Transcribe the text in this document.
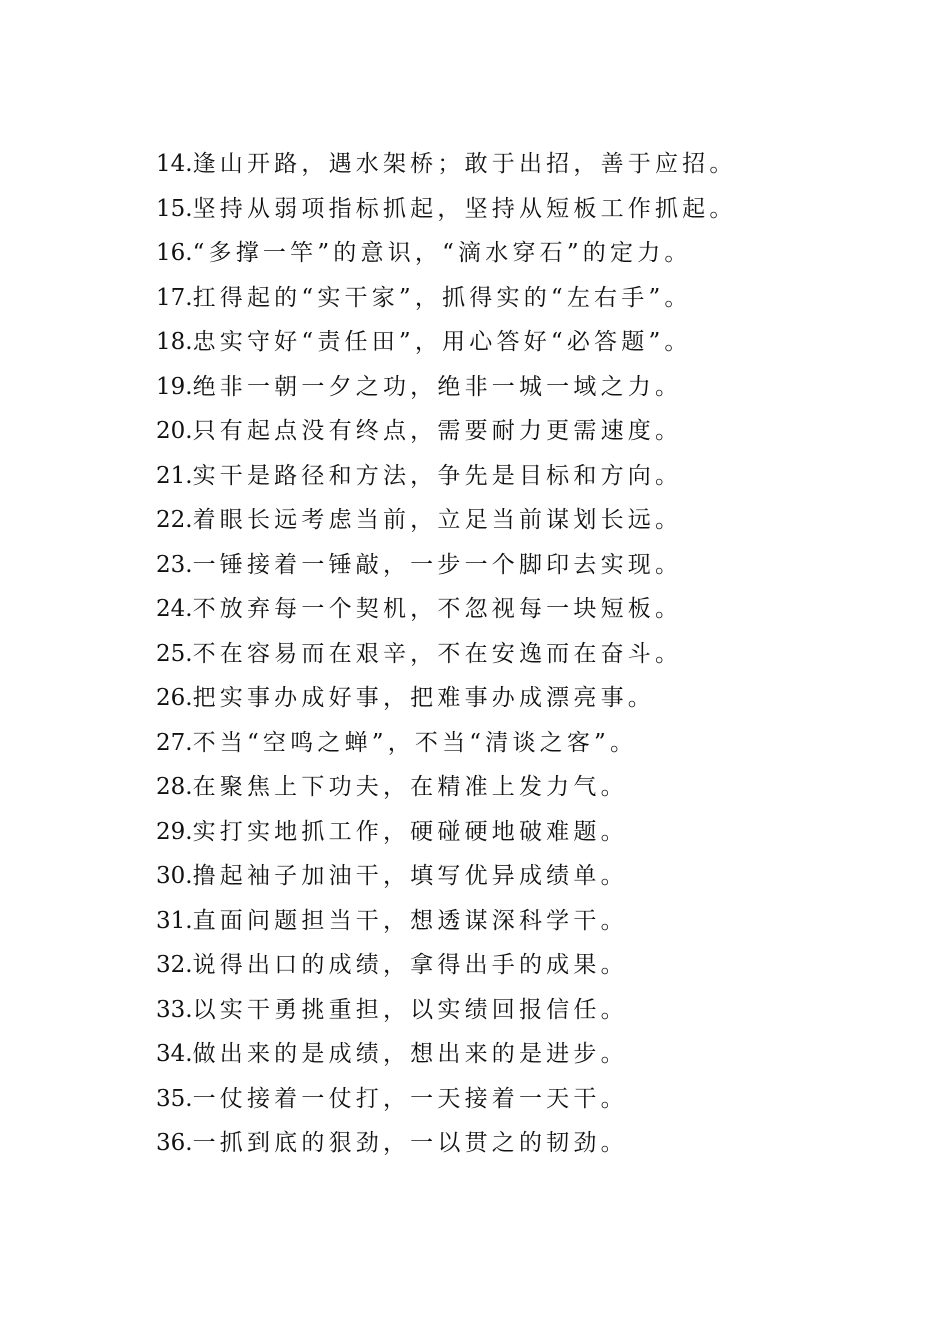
14.逢山开路，遇水架桥；敢于出招，善于应招。
15.坚持从弱项指标抓起，坚持从短板工作抓起。
16.“多撑一竿”的意识，“滴水穿石”的定力。
17.扛得起的“实干家”，抓得实的“左右手”。
18.忠实守好“责任田”，用心答好“必答题”。
19.绝非一朝一夕之功，绝非一城一域之力。
20.只有起点没有终点，需要耐力更需速度。
21.实干是路径和方法，争先是目标和方向。
22.着眼长远考虑当前，立足当前谋划长远。
23.一锤接着一锤敲，一步一个脚印去实现。
24.不放弃每一个契机，不忽视每一块短板。
25.不在容易而在艰辛，不在安逸而在奋斗。
26.把实事办成好事，把难事办成漂亮事。
27.不当“空鸣之蝉”，不当“清谈之客”。
28.在聚焦上下功夫，在精准上发力气。
29.实打实地抓工作，硬碰硬地破难题。
30.撸起袖子加油干，填写优异成绩单。
31.直面问题担当干，想透谋深科学干。
32.说得出口的成绩，拿得出手的成果。
33.以实干勇挑重担，以实绩回报信任。
34.做出来的是成绩，想出来的是进步。
35.一仗接着一仗打，一天接着一天干。
36.一抓到底的狠劲，一以贯之的韧劲。
